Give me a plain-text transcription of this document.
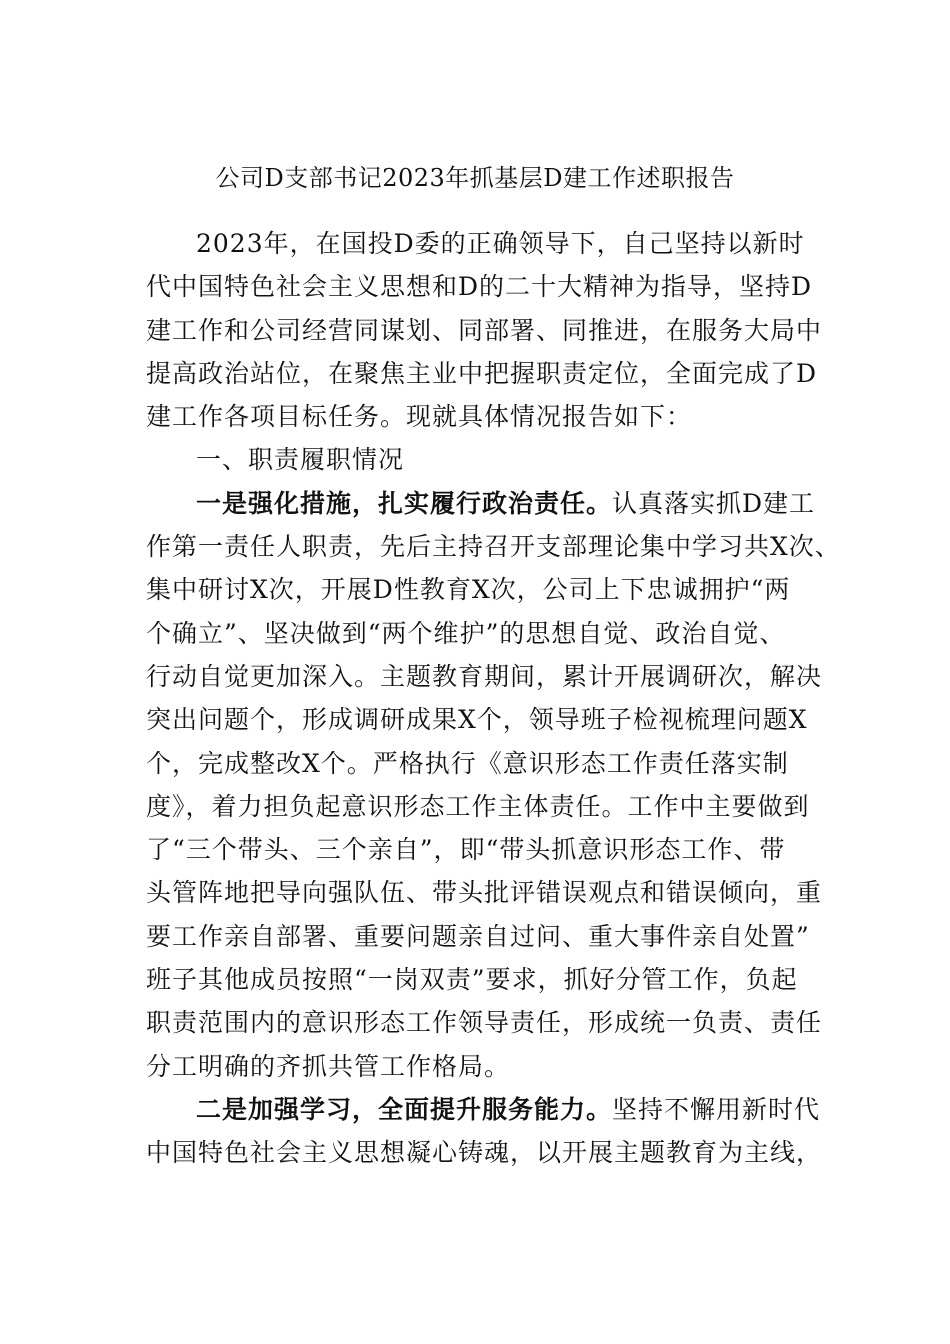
公司D支部书记2023年抓基层D建工作述职报告
2023年，在国投D委的正确领导下，自己坚持以新时
代中国特色社会主义思想和D的二十大精神为指导，坚持D
建工作和公司经营同谋划、同部署、同推进，在服务大局中
提高政治站位，在聚焦主业中把握职责定位，全面完成了D
建工作各项目标任务。现就具体情况报告如下：
一、职责履职情况
一是强化措施，扎实履行政治责任。认真落实抓D建工
作第一责任人职责，先后主持召开支部理论集中学习共X次、
集中研讨X次，开展D性教育X次，公司上下忠诚拥护“两
个确立”、坚决做到“两个维护”的思想自觉、政治自觉、
行动自觉更加深入。主题教育期间，累计开展调研次，解决
突出问题个，形成调研成果X个，领导班子检视梳理问题X
个，完成整改X个。严格执行《意识形态工作责任落实制
度》，着力担负起意识形态工作主体责任。工作中主要做到
了“三个带头、三个亲自”，即“带头抓意识形态工作、带
头管阵地把导向强队伍、带头批评错误观点和错误倾向，重
要工作亲自部署、重要问题亲自过问、重大事件亲自处置”
班子其他成员按照“一岗双责”要求，抓好分管工作，负起
职责范围内的意识形态工作领导责任，形成统一负责、责任
分工明确的齐抓共管工作格局。
二是加强学习，全面提升服务能力。坚持不懈用新时代
中国特色社会主义思想凝心铸魂，以开展主题教育为主线，
